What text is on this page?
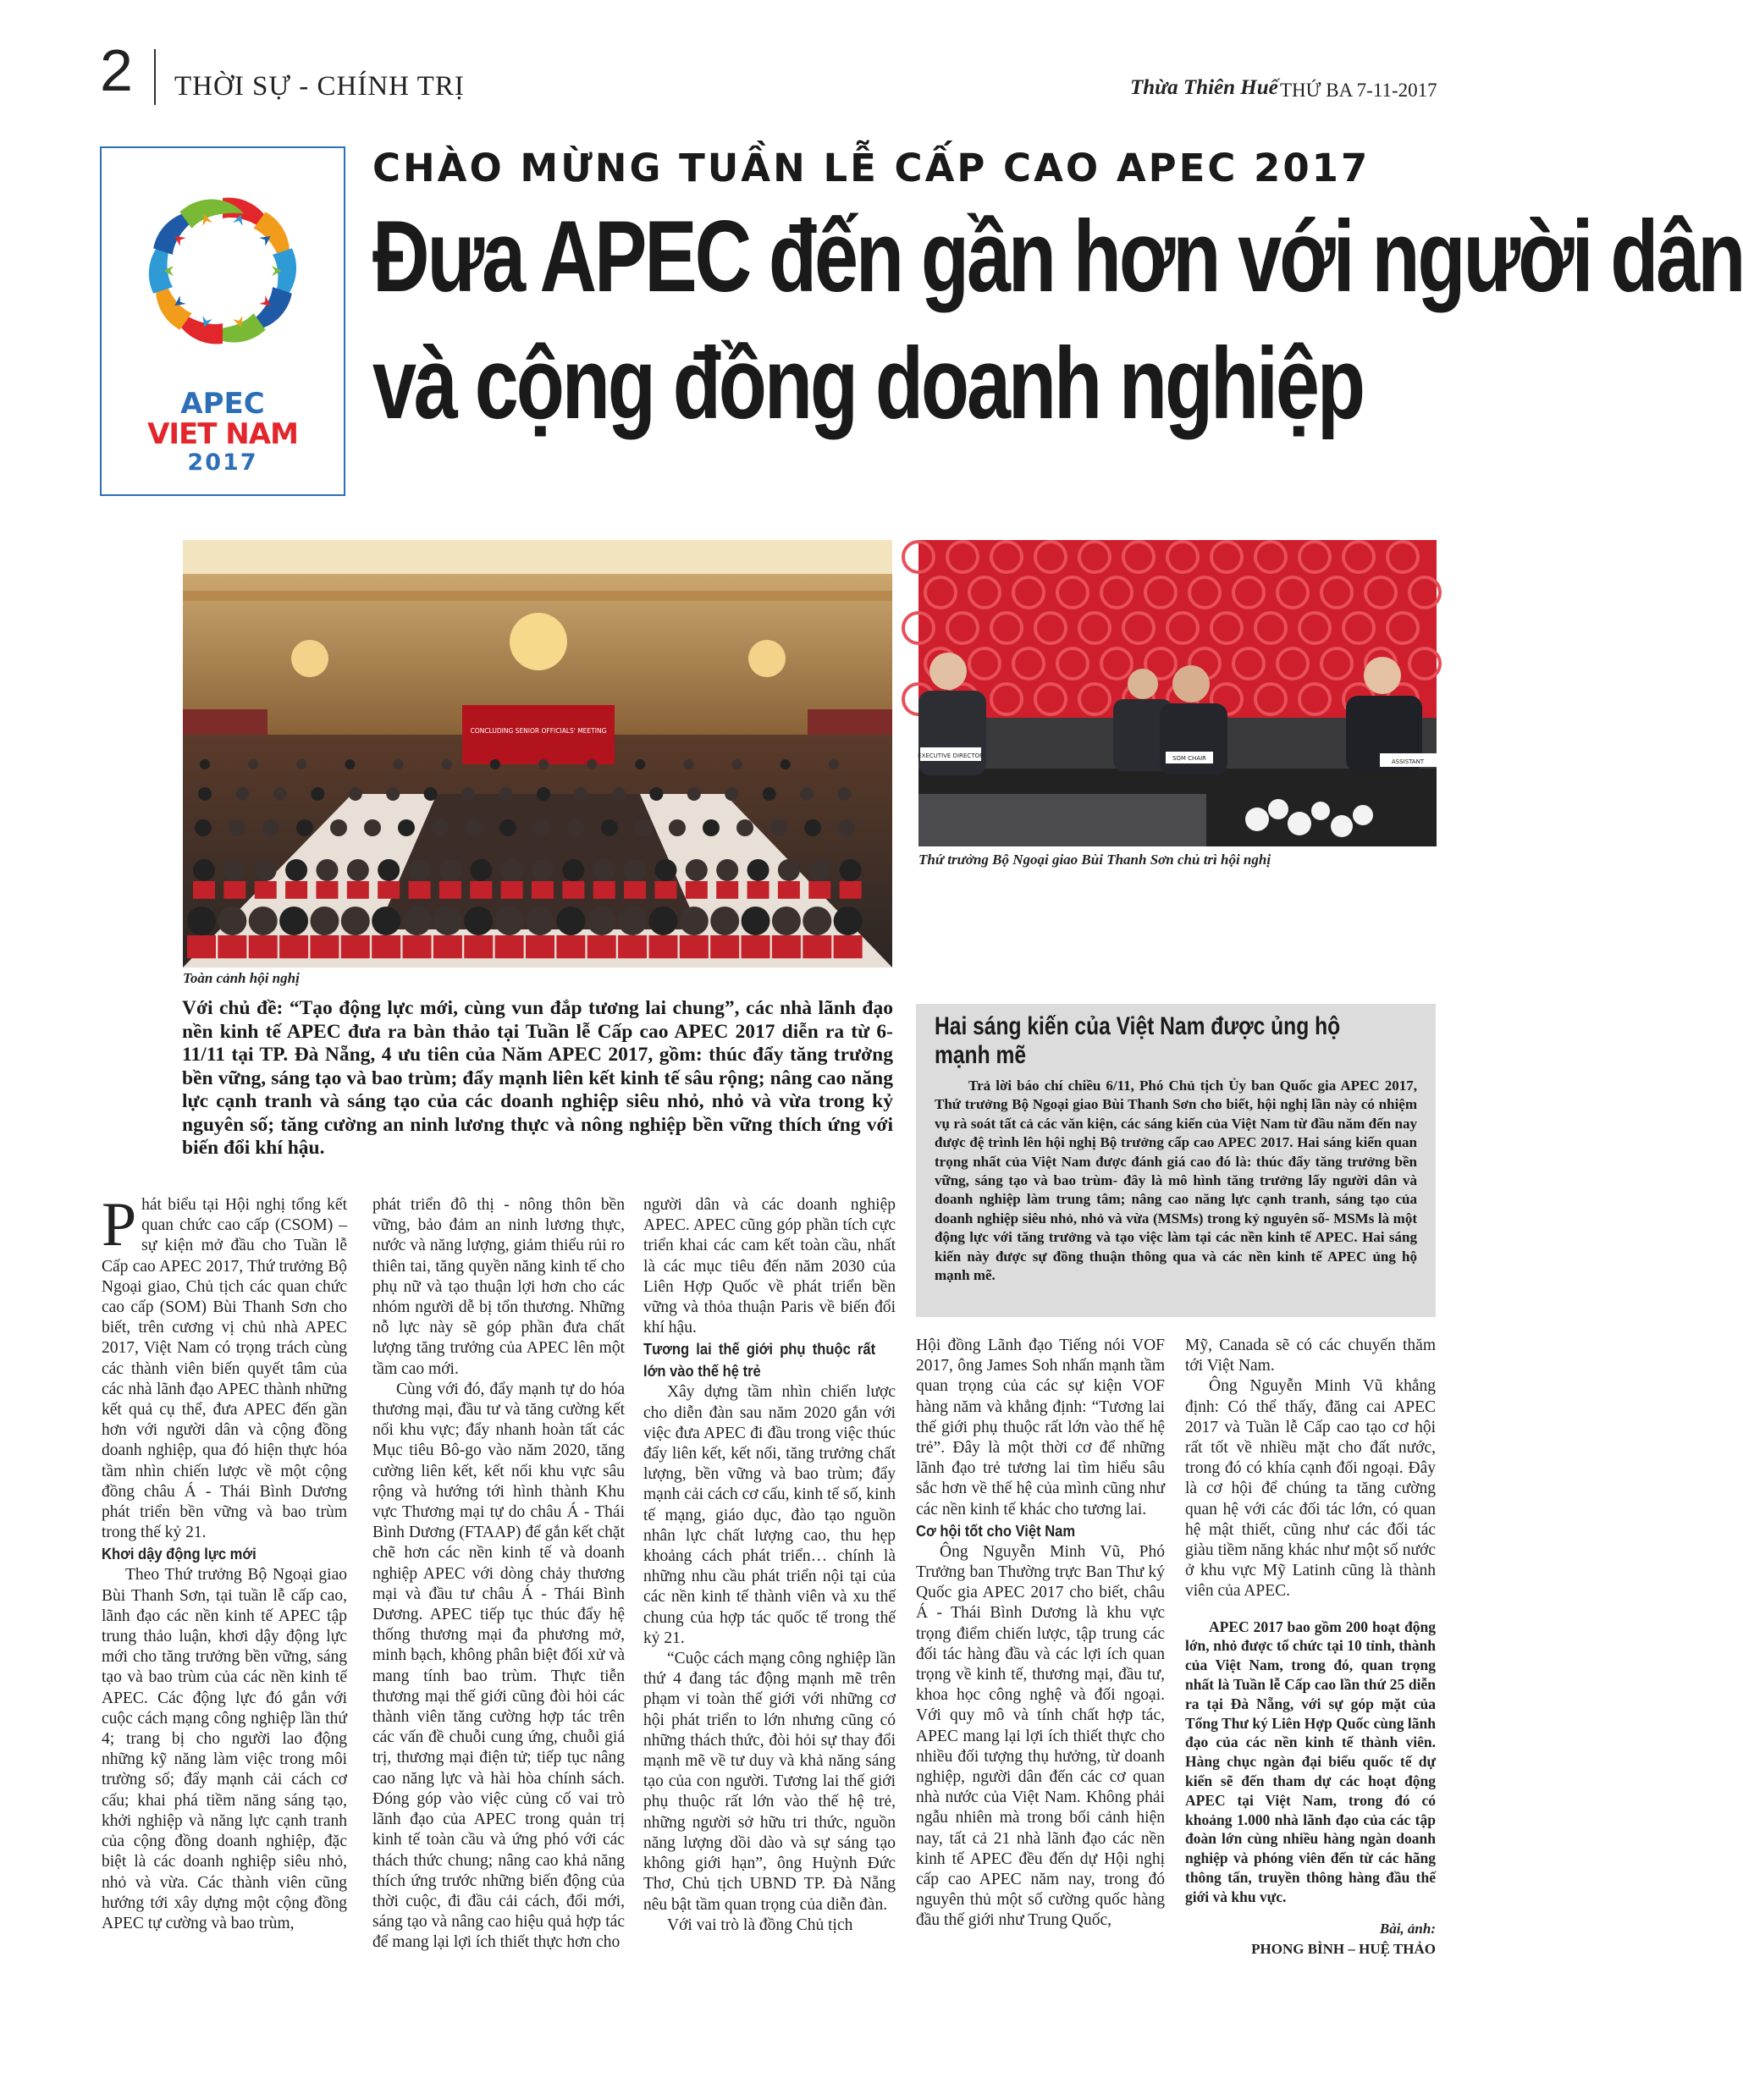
2 THỜI SỰ - CHÍNH TRỊ	Thừa Thiên Huế THỨ BA 7-11-2017
APEC
VIET NAM
2017
CHÀO MỪNG TUẦN LỄ CẤP CAO APEC 2017
Đưa APEC đến gần hơn với người dân
và cộng đồng doanh nghiệp
CONCLUDING SENIOR OFFICIALS' MEETING
Toàn cảnh hội nghị
EXECUTIVE DIRECTOR	SOM CHAIR	ASSISTANT
Thứ trưởng Bộ Ngoại giao Bùi Thanh Sơn chủ trì hội nghị
Với chủ đề: “Tạo động lực mới, cùng vun đắp tương lai chung”, các nhà lãnh đạo nền kinh tế APEC đưa ra bàn thảo tại Tuần lễ Cấp cao APEC 2017 diễn ra từ 6- 11/11 tại TP. Đà Nẵng, 4 ưu tiên của Năm APEC 2017, gồm: thúc đẩy tăng trưởng bền vững, sáng tạo và bao trùm; đẩy mạnh liên kết kinh tế sâu rộng; nâng cao năng lực cạnh tranh và sáng tạo của các doanh nghiệp siêu nhỏ, nhỏ và vừa trong kỷ nguyên số; tăng cường an ninh lương thực và nông nghiệp bền vững thích ứng với biến đổi khí hậu.
Hai sáng kiến của Việt Nam được ủng hộ
mạnh mẽ
Trả lời báo chí chiều 6/11, Phó Chủ tịch Ủy ban Quốc gia APEC 2017, Thứ trưởng Bộ Ngoại giao Bùi Thanh Sơn cho biết, hội nghị lần này có nhiệm vụ rà soát tất cả các văn kiện, các sáng kiến của Việt Nam từ đầu năm đến nay được đệ trình lên hội nghị Bộ trưởng cấp cao APEC 2017. Hai sáng kiến quan trọng nhất của Việt Nam được đánh giá cao đó là: thúc đẩy tăng trưởng bền vững, sáng tạo và bao trùm- đây là mô hình tăng trưởng lấy người dân và doanh nghiệp làm trung tâm; nâng cao năng lực cạnh tranh, sáng tạo của doanh nghiệp siêu nhỏ, nhỏ và vừa (MSMs) trong kỷ nguyên số- MSMs là một động lực với tăng trưởng và tạo việc làm tại các nền kinh tế APEC. Hai sáng kiến này được sự đồng thuận thông qua và các nền kinh tế APEC ủng hộ mạnh mẽ.

Phát biểu tại Hội nghị tổng kết quan chức cao cấp (CSOM) – sự kiện mở đầu cho Tuần lễ Cấp cao APEC 2017, Thứ trưởng Bộ Ngoại giao, Chủ tịch các quan chức cao cấp (SOM) Bùi Thanh Sơn cho biết, trên cương vị chủ nhà APEC 2017, Việt Nam có trọng trách cùng các thành viên biến quyết tâm của các nhà lãnh đạo APEC thành những kết quả cụ thể, đưa APEC đến gần hơn với người dân và cộng đồng doanh nghiệp, qua đó hiện thực hóa tầm nhìn chiến lược về một cộng đồng châu Á - Thái Bình Dương phát triển bền vững và bao trùm trong thế kỷ 21.

Khơi dậy động lực mới

Theo Thứ trưởng Bộ Ngoại giao Bùi Thanh Sơn, tại tuần lễ cấp cao, lãnh đạo các nền kinh tế APEC tập trung thảo luận, khơi dậy động lực mới cho tăng trưởng bền vững, sáng tạo và bao trùm của các nền kinh tế APEC. Các động lực đó gắn với cuộc cách mạng công nghiệp lần thứ 4; trang bị cho người lao động những kỹ năng làm việc trong môi trường số; đẩy mạnh cải cách cơ cấu; khai phá tiềm năng sáng tạo, khởi nghiệp và năng lực cạnh tranh của cộng đồng doanh nghiệp, đặc biệt là các doanh nghiệp siêu nhỏ, nhỏ và vừa. Các thành viên cũng hướng tới xây dựng một cộng đồng APEC tự cường và bao trùm,

phát triển đô thị - nông thôn bền vững, bảo đảm an ninh lương thực, nước và năng lượng, giảm thiểu rủi ro thiên tai, tăng quyền năng kinh tế cho phụ nữ và tạo thuận lợi hơn cho các nhóm người dễ bị tổn thương. Những nỗ lực này sẽ góp phần đưa chất lượng tăng trưởng của APEC lên một tầm cao mới.

Cùng với đó, đẩy mạnh tự do hóa thương mại, đầu tư và tăng cường kết nối khu vực; đẩy nhanh hoàn tất các Mục tiêu Bô-go vào năm 2020, tăng cường liên kết, kết nối khu vực sâu rộng và hướng tới hình thành Khu vực Thương mại tự do châu Á - Thái Bình Dương (FTAAP) để gắn kết chặt chẽ hơn các nền kinh tế và doanh nghiệp APEC với dòng chảy thương mại và đầu tư châu Á - Thái Bình Dương. APEC tiếp tục thúc đẩy hệ thống thương mại đa phương mở, minh bạch, không phân biệt đối xử và mang tính bao trùm. Thực tiễn thương mại thế giới cũng đòi hỏi các thành viên tăng cường hợp tác trên các vấn đề chuỗi cung ứng, chuỗi giá trị, thương mại điện tử; tiếp tục nâng cao năng lực và hài hòa chính sách. Đóng góp vào việc củng cố vai trò lãnh đạo của APEC trong quản trị kinh tế toàn cầu và ứng phó với các thách thức chung; nâng cao khả năng thích ứng trước những biến động của thời cuộc, đi đầu cải cách, đổi mới, sáng tạo và nâng cao hiệu quả hợp tác để mang lại lợi ích thiết thực hơn cho

người dân và các doanh nghiệp APEC. APEC cũng góp phần tích cực triển khai các cam kết toàn cầu, nhất là các mục tiêu đến năm 2030 của Liên Hợp Quốc về phát triển bền vững và thỏa thuận Paris về biến đổi khí hậu.

Tương lai thế giới phụ thuộc rất lớn vào thế hệ trẻ

Xây dựng tầm nhìn chiến lược cho diễn đàn sau năm 2020 gắn với việc đưa APEC đi đầu trong việc thúc đẩy liên kết, kết nối, tăng trưởng chất lượng, bền vững và bao trùm; đẩy mạnh cải cách cơ cấu, kinh tế số, kinh tế mạng, giáo dục, đào tạo nguồn nhân lực chất lượng cao, thu hẹp khoảng cách phát triển… chính là những nhu cầu phát triển nội tại của các nền kinh tế thành viên và xu thế chung của hợp tác quốc tế trong thế kỷ 21.

“Cuộc cách mạng công nghiệp lần thứ 4 đang tác động mạnh mẽ trên phạm vi toàn thế giới với những cơ hội phát triển to lớn nhưng cũng có những thách thức, đòi hỏi sự thay đổi mạnh mẽ về tư duy và khả năng sáng tạo của con người. Tương lai thế giới phụ thuộc rất lớn vào thế hệ trẻ, những người sở hữu tri thức, nguồn năng lượng dồi dào và sự sáng tạo không giới hạn”, ông Huỳnh Đức Thơ, Chủ tịch UBND TP. Đà Nẵng nêu bật tầm quan trọng của diễn đàn.

Với vai trò là đồng Chủ tịch

Hội đồng Lãnh đạo Tiếng nói VOF 2017, ông James Soh nhấn mạnh tầm quan trọng của các sự kiện VOF hàng năm và khẳng định: “Tương lai thế giới phụ thuộc rất lớn vào thế hệ trẻ”. Đây là một thời cơ để những lãnh đạo trẻ tương lai tìm hiểu sâu sắc hơn về thế hệ của mình cũng như các nền kinh tế khác cho tương lai.

Cơ hội tốt cho Việt Nam

Ông Nguyễn Minh Vũ, Phó Trưởng ban Thường trực Ban Thư ký Quốc gia APEC 2017 cho biết, châu Á - Thái Bình Dương là khu vực trọng điểm chiến lược, tập trung các đối tác hàng đầu và các lợi ích quan trọng về kinh tế, thương mại, đầu tư, khoa học công nghệ và đối ngoại. Với quy mô và tính chất hợp tác, APEC mang lại lợi ích thiết thực cho nhiều đối tượng thụ hưởng, từ doanh nghiệp, người dân đến các cơ quan nhà nước của Việt Nam. Không phải ngẫu nhiên mà trong bối cảnh hiện nay, tất cả 21 nhà lãnh đạo các nền kinh tế APEC đều đến dự Hội nghị cấp cao APEC năm nay, trong đó nguyên thủ một số cường quốc hàng đầu thế giới như Trung Quốc,

Mỹ, Canada sẽ có các chuyến thăm tới Việt Nam.

Ông Nguyễn Minh Vũ khẳng định: Có thể thấy, đăng cai APEC 2017 và Tuần lễ Cấp cao tạo cơ hội rất tốt về nhiều mặt cho đất nước, trong đó có khía cạnh đối ngoại. Đây là cơ hội để chúng ta tăng cường quan hệ với các đối tác lớn, có quan hệ mật thiết, cũng như các đối tác giàu tiềm năng khác như một số nước ở khu vực Mỹ Latinh cũng là thành viên của APEC.

APEC 2017 bao gồm 200 hoạt động lớn, nhỏ được tổ chức tại 10 tỉnh, thành của Việt Nam, trong đó, quan trọng nhất là Tuần lễ Cấp cao lần thứ 25 diễn ra tại Đà Nẵng, với sự góp mặt của Tổng Thư ký Liên Hợp Quốc cùng lãnh đạo của các nền kinh tế thành viên. Hàng chục ngàn đại biểu quốc tế dự kiến sẽ đến tham dự các hoạt động APEC tại Việt Nam, trong đó có khoảng 1.000 nhà lãnh đạo của các tập đoàn lớn cùng nhiều hàng ngàn doanh nghiệp và phóng viên đến từ các hãng thông tấn, truyền thông hàng đầu thế giới và khu vực.

Bài, ảnh:

PHONG BÌNH – HUỆ THẢO
